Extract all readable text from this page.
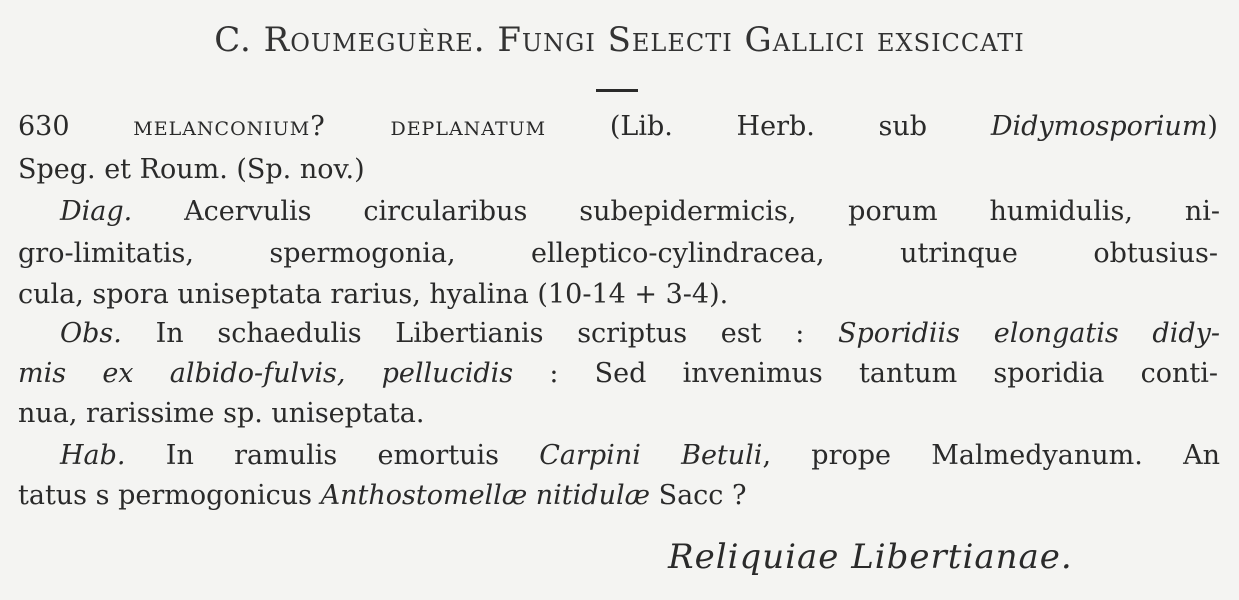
C. Roumeguère. Fungi Selecti Gallici exsiccati
630 melanconium? deplanatum (Lib. Herb. sub Didymosporium)
Speg. et Roum. (Sp. nov.)
Diag. Acervulis circularibus subepidermicis, porum humidulis, ni-
gro-limitatis, spermogonia, elleptico-cylindracea, utrinque obtusius-
cula, spora uniseptata rarius, hyalina (10-14 + 3-4).
Obs. In schaedulis Libertianis scriptus est : Sporidiis elongatis didy-
mis ex albido-fulvis, pellucidis : Sed invenimus tantum sporidia conti-
nua, rarissime sp. uniseptata.
Hab. In ramulis emortuis Carpini Betuli, prope Malmedyanum. An
tatus s permogonicus Anthostomellæ nitidulæ Sacc ?
Reliquiae Libertianae.
